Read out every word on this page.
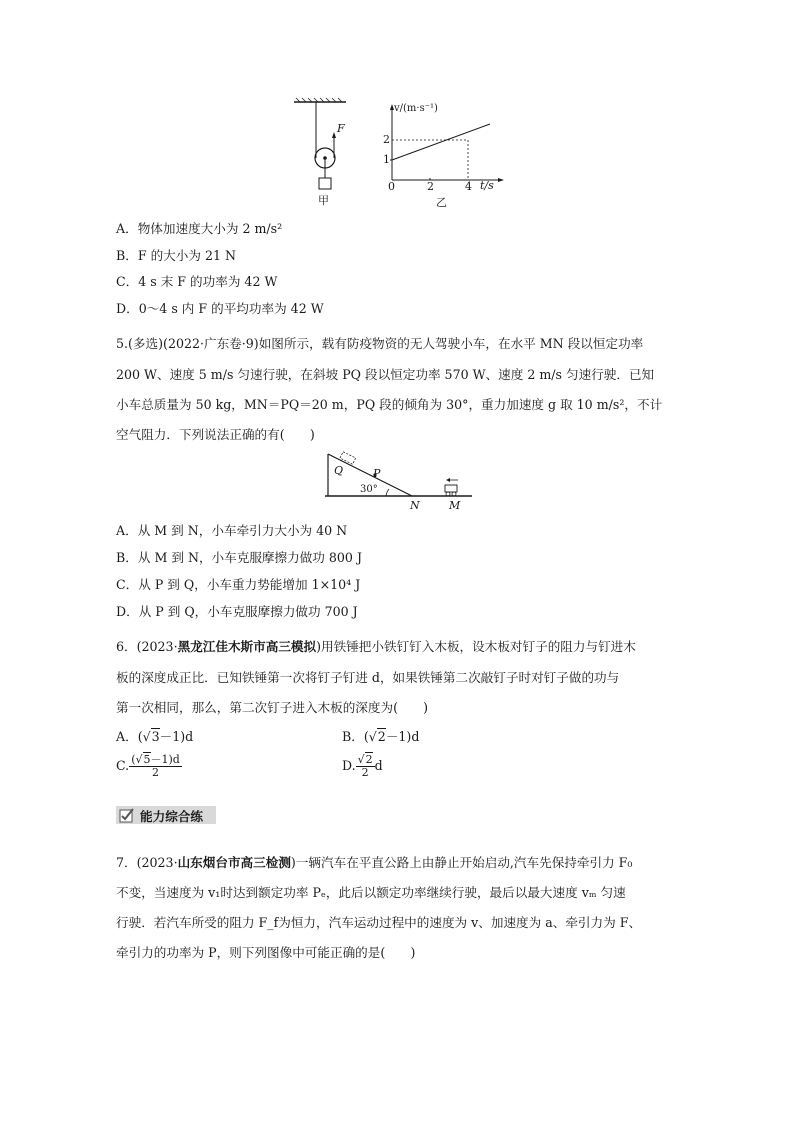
F
甲
v/(m·s⁻¹)
2
1
0	2	4 t/s
乙
A．物体加速度大小为 2 m/s²
B．F 的大小为 21 N
C．4 s 末 F 的功率为 42 W
D．0～4 s 内 F 的平均功率为 42 W
5.(多选)(2022·广东卷·9)如图所示，载有防疫物资的无人驾驶小车，在水平 MN 段以恒定功率
200 W、速度 5 m/s 匀速行驶，在斜坡 PQ 段以恒定功率 570 W、速度 2 m/s 匀速行驶．已知
小车总质量为 50 kg，MN＝PQ＝20 m，PQ 段的倾角为 30°，重力加速度 g 取 10 m/s²，不计
空气阻力．下列说法正确的有(　　)
Q	P
30°
N	M
A．从 M 到 N，小车牵引力大小为 40 N
B．从 M 到 N，小车克服摩擦力做功 800 J
C．从 P 到 Q，小车重力势能增加 1×10⁴ J
D．从 P 到 Q，小车克服摩擦力做功 700 J
6．(2023·黑龙江佳木斯市高三模拟)用铁锤把小铁钉钉入木板，设木板对钉子的阻力与钉进木
板的深度成正比．已知铁锤第一次将钉子钉进 d，如果铁锤第二次敲钉子时对钉子做的功与
第一次相同，那么，第二次钉子进入木板的深度为(　　)
A．(√3－1)d	B．(√2－1)d
C. $\frac{(√5-1)d}{2}$	D. $\frac{√2}{2}$ d
能力综合练
7．(2023·山东烟台市高三检测)一辆汽车在平直公路上由静止开始启动,汽车先保持牵引力 F₀
不变，当速度为 v₁时达到额定功率 Pₑ，此后以额定功率继续行驶，最后以最大速度 vₘ 匀速
行驶．若汽车所受的阻力 F_f为恒力，汽车运动过程中的速度为 v、加速度为 a、牵引力为 F、
牵引力的功率为 P，则下列图像中可能正确的是(　　)
